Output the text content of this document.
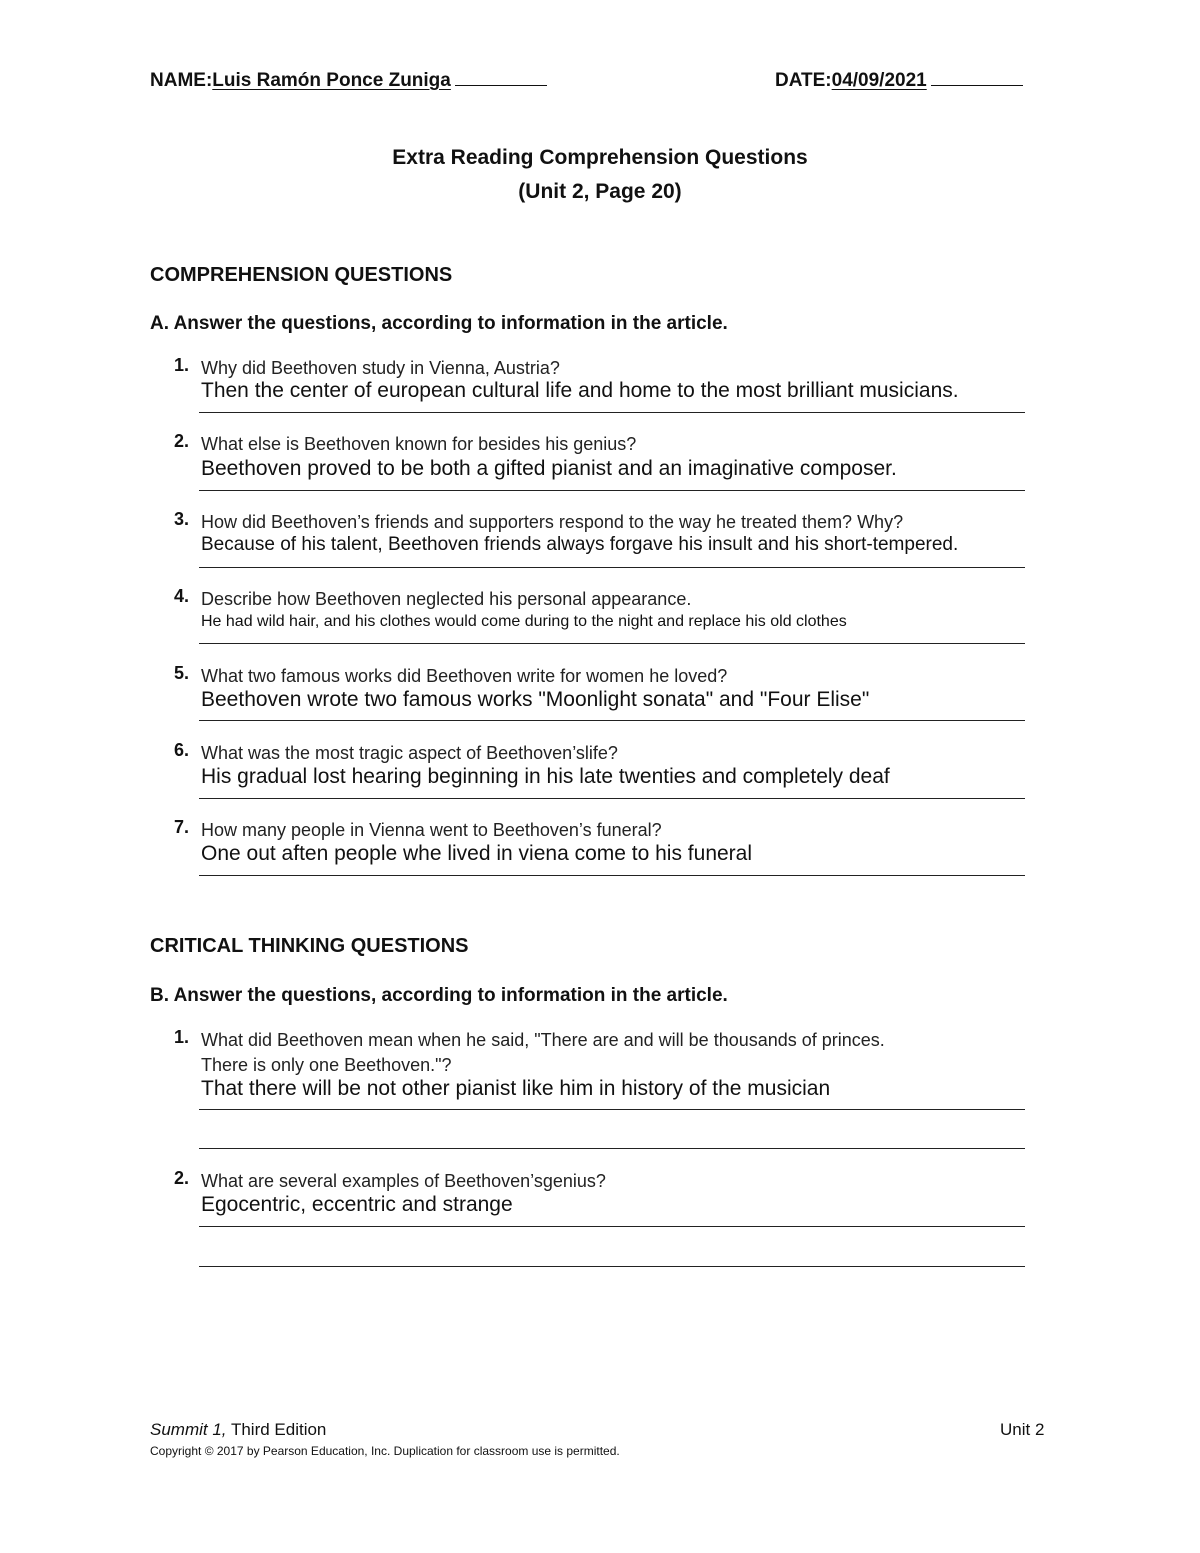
NAME:Luis Ramón Ponce Zuniga	DATE:04/09/2021
Extra Reading Comprehension Questions
(Unit 2, Page 20)
COMPREHENSION QUESTIONS
A. Answer the questions, according to information in the article.
1. Why did Beethoven study in Vienna, Austria?
Then the center of european cultural life and home to the most brilliant musicians.
2. What else is Beethoven known for besides his genius?
Beethoven proved to be both a gifted pianist and an imaginative composer.
3. How did Beethoven’s friends and supporters respond to the way he treated them? Why?
Because of his talent, Beethoven friends always forgave his insult and his short-tempered.
4. Describe how Beethoven neglected his personal appearance.
He had wild hair, and his clothes would come during to the night and replace his old clothes
5. What two famous works did Beethoven write for women he loved?
Beethoven wrote two famous works "Moonlight sonata" and "Four Elise"
6. What was the most tragic aspect of Beethoven’slife?
His gradual lost hearing beginning in his late twenties and completely deaf
7. How many people in Vienna went to Beethoven’s funeral?
One out aften people whe lived in viena come to his funeral
CRITICAL THINKING QUESTIONS
B. Answer the questions, according to information in the article.
1. What did Beethoven mean when he said, "There are and will be thousands of princes.
There is only one Beethoven."?
That there will be not other pianist like him in history of the musician
2. What are several examples of Beethoven’sgenius?
Egocentric, eccentric and strange
Summit 1, Third Edition	Unit 2
Copyright © 2017 by Pearson Education, Inc. Duplication for classroom use is permitted.
